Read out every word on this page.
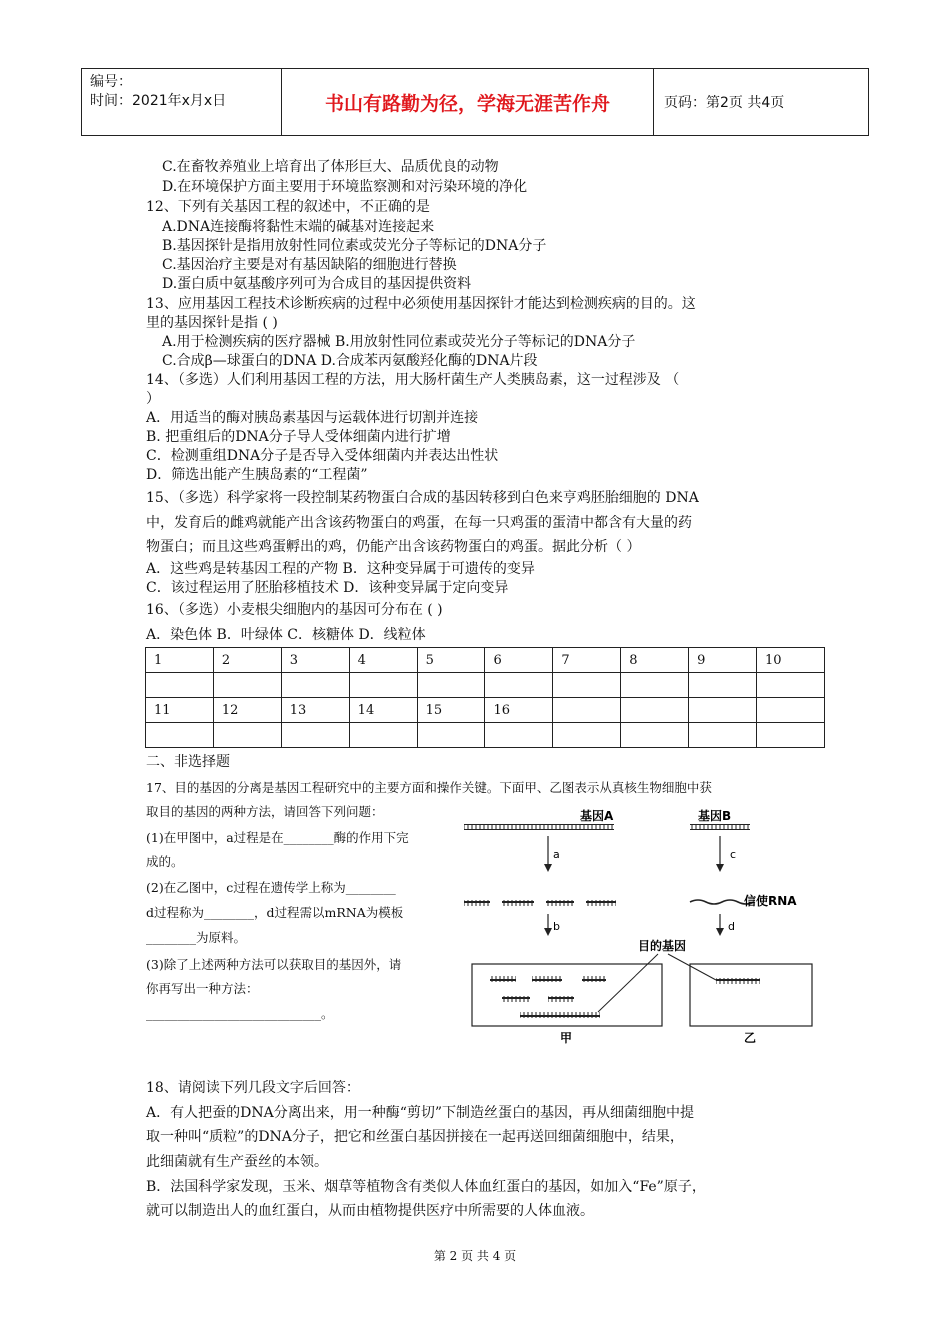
编号：
时间：2021年x月x日	书山有路勤为径，学海无涯苦作舟	页码：第2页 共4页
C.在畜牧养殖业上培育出了体形巨大、品质优良的动物
D.在环境保护方面主要用于环境监察测和对污染环境的净化
12、下列有关基因工程的叙述中，不正确的是
A.DNA连接酶将黏性末端的碱基对连接起来
B.基因探针是指用放射性同位素或荧光分子等标记的DNA分子
C.基因治疗主要是对有基因缺陷的细胞进行替换
D.蛋白质中氨基酸序列可为合成目的基因提供资料
13、应用基因工程技术诊断疾病的过程中必须使用基因探针才能达到检测疾病的目的。这
里的基因探针是指 ( )
A.用于检测疾病的医疗器械 B.用放射性同位素或荧光分子等标记的DNA分子
C.合成β—球蛋白的DNA D.合成苯丙氨酸羟化酶的DNA片段
14、（多选）人们利用基因工程的方法，用大肠杆菌生产人类胰岛素，这一过程涉及 （
）
A．用适当的酶对胰岛素基因与运载体进行切割并连接
B. 把重组后的DNA分子导人受体细菌内进行扩增
C．检测重组DNA分子是否导入受体细菌内并表达出性状
D．筛选出能产生胰岛素的“工程菌”
15、（多选）科学家将一段控制某药物蛋白合成的基因转移到白色来亨鸡胚胎细胞的 DNA
中，发育后的雌鸡就能产出含该药物蛋白的鸡蛋，在每一只鸡蛋的蛋清中都含有大量的药
物蛋白；而且这些鸡蛋孵出的鸡，仍能产出含该药物蛋白的鸡蛋。据此分析（ ）
A．这些鸡是转基因工程的产物 B．这种变异属于可遗传的变异
C．该过程运用了胚胎移植技术 D．该种变异属于定向变异
16、（多选）小麦根尖细胞内的基因可分布在 ( )
A．染色体 B．叶绿体 C．核糖体 D．线粒体
1	2	3	4	5	6	7	8	9	10

11	12	13	14	15	16				

二、非选择题
17、目的基因的分离是基因工程研究中的主要方面和操作关键。下面甲、乙图表示从真核生物细胞中获
取目的基因的两种方法，请回答下列问题：
(1)在甲图中，a过程是在________酶的作用下完
成的。
(2)在乙图中，c过程在遗传学上称为________
d过程称为________，d过程需以mRNA为模板
________为原料。
(3)除了上述两种方法可以获取目的基因外，请
你再写出一种方法：
____________________________。
基因A	基因B
a	c
信使RNA
b	d
目的基因
甲	乙
18、请阅读下列几段文字后回答：
A．有人把蚕的DNA分离出来，用一种酶“剪切”下制造丝蛋白的基因，再从细菌细胞中提
取一种叫“质粒”的DNA分子，把它和丝蛋白基因拼接在一起再送回细菌细胞中，结果，
此细菌就有生产蚕丝的本领。
B．法国科学家发现，玉米、烟草等植物含有类似人体血红蛋白的基因，如加入“Fe”原子，
就可以制造出人的血红蛋白，从而由植物提供医疗中所需要的人体血液。
第 2 页 共 4 页
